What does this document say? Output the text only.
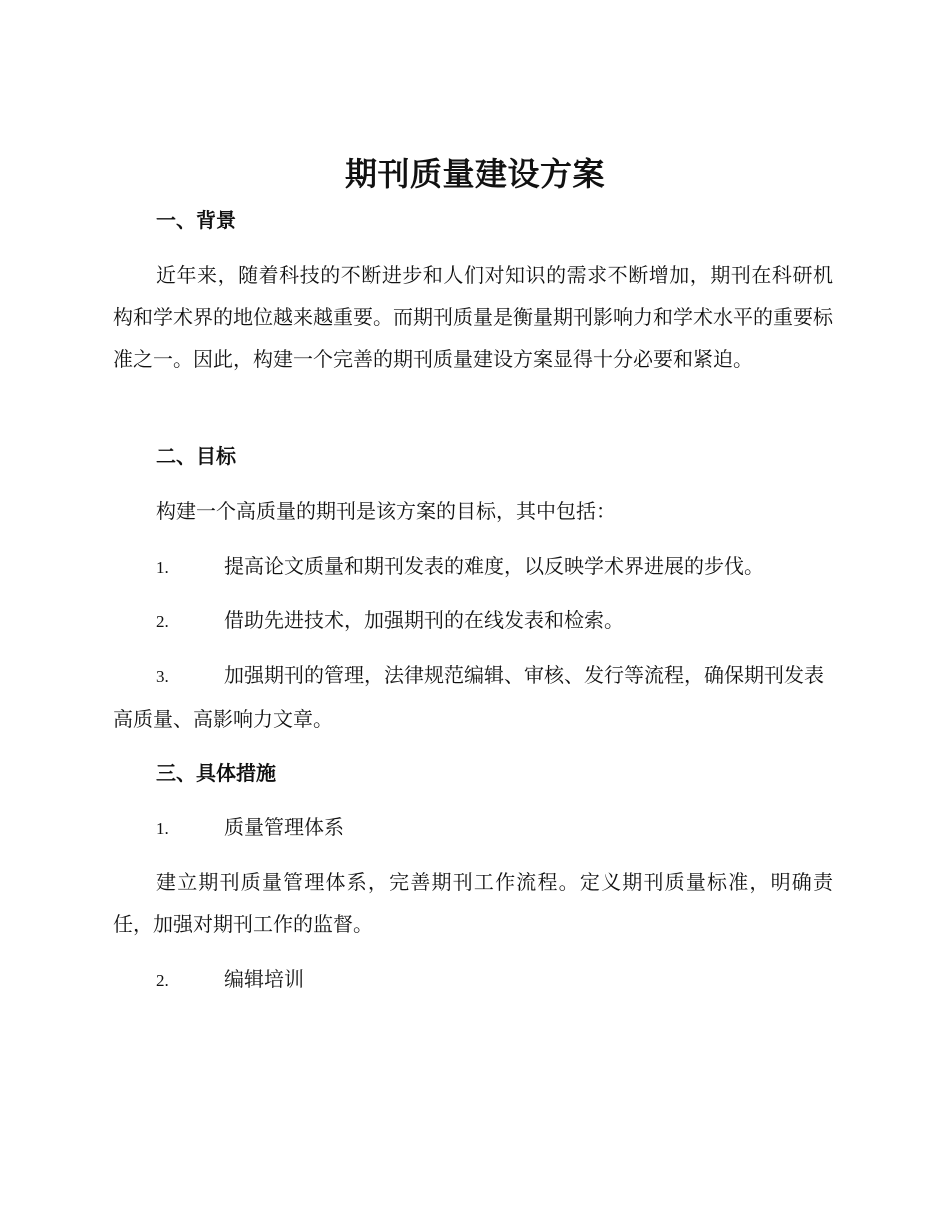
期刊质量建设方案
一、背景

近年来，随着科技的不断进步和人们对知识的需求不断增加，期刊在科研机构和学术界的地位越来越重要。而期刊质量是衡量期刊影响力和学术水平的重要标准之一。因此，构建一个完善的期刊质量建设方案显得十分必要和紧迫。

二、目标

构建一个高质量的期刊是该方案的目标，其中包括：

1.	提高论文质量和期刊发表的难度，以反映学术界进展的步伐。

2.	借助先进技术，加强期刊的在线发表和检索。

3.	加强期刊的管理，法律规范编辑、审核、发行等流程，确保期刊发表高质量、高影响力文章。

三、具体措施

1.	质量管理体系

建立期刊质量管理体系，完善期刊工作流程。定义期刊质量标准，明确责任，加强对期刊工作的监督。

2.	编辑培训
